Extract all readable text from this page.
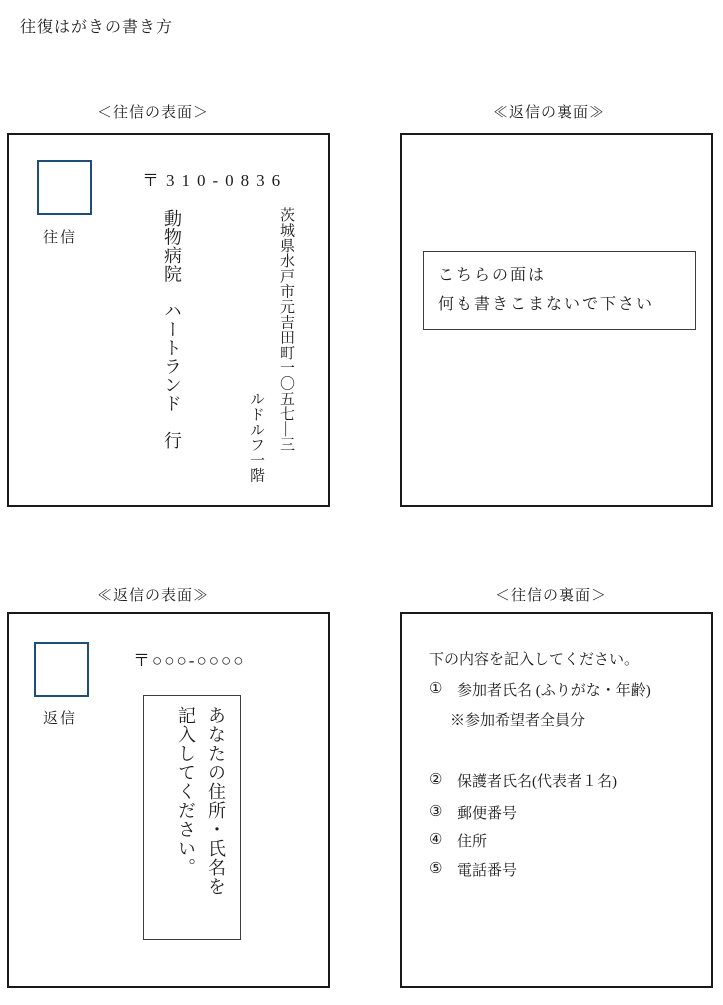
往復はがきの書き方
＜往信の表面＞	≪返信の裏面≫
≪返信の表面≫	＜往信の裏面＞
往信
〒310-0836
茨城県水戸市元吉田町一〇五七―三
ルドルフ一階
動物病院　ハートランド　行	こちらの面は
何も書きこまないで下さい
返信
〒○○○-○○○○
あなたの住所・氏名を
記入してください。
下の内容を記入してください。
① 参加者氏名 (ふりがな・年齢)
※参加希望者全員分
② 保護者氏名(代表者１名)
③ 郵便番号
④ 住所
⑤ 電話番号
